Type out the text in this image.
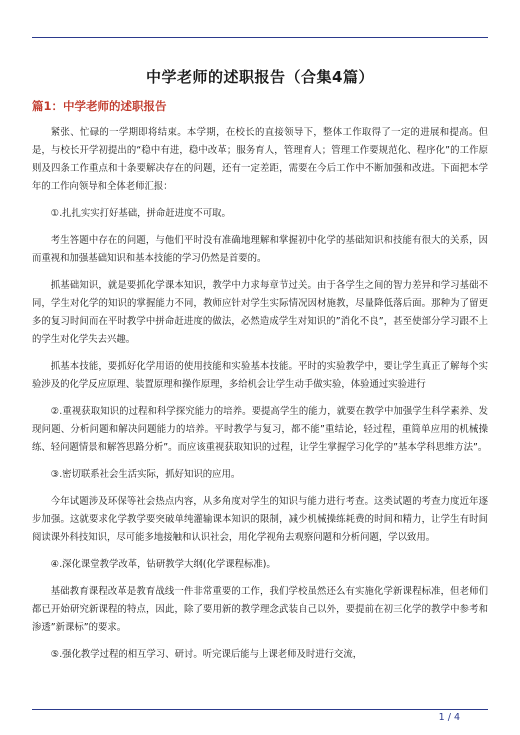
中学老师的述职报告（合集4篇）
篇1：中学老师的述职报告

紧张、忙碌的一学期即将结束。本学期，在校长的直接领导下，整体工作取得了一定的进展和提高。但是，与校长开学初提出的“稳中有进，稳中改革；服务育人，管理育人；管理工作要规范化、程序化”的工作原则及四条工作重点和十条要解决存在的问题，还有一定差距，需要在今后工作中不断加强和改进。下面把本学年的工作向领导和全体老师汇报：

①.扎扎实实打好基础，拼命赶进度不可取。

考生答题中存在的问题，与他们平时没有准确地理解和掌握初中化学的基础知识和技能有很大的关系，因而重视和加强基础知识和基本技能的学习仍然是首要的。

抓基础知识，就是要抓化学课本知识，教学中力求每章节过关。由于各学生之间的智力差异和学习基础不同，学生对化学的知识的掌握能力不同，教师应针对学生实际情况因材施教，尽量降低落后面。那种为了留更多的复习时间而在平时教学中拼命赶进度的做法，必然造成学生对知识的”消化不良”，甚至使部分学习跟不上的学生对化学失去兴趣。

抓基本技能，要抓好化学用语的使用技能和实验基本技能。平时的实验教学中，要让学生真正了解每个实验涉及的化学反应原理、装置原理和操作原理，多给机会让学生动手做实验，体验通过实验进行

②.重视获取知识的过程和科学探究能力的培养。要提高学生的能力，就要在教学中加强学生科学素养、发现问题、分析问题和解决问题能力的培养。平时教学与复习，都不能”重结论，轻过程，重简单应用的机械操练、轻问题情景和解答思路分析”。而应该重视获取知识的过程，让学生掌握学习化学的”基本学科思维方法”。

③.密切联系社会生活实际，抓好知识的应用。

今年试题涉及环保等社会热点内容，从多角度对学生的知识与能力进行考查。这类试题的考查力度近年逐步加强。这就要求化学教学要突破单纯灌输课本知识的限制，减少机械操练耗费的时间和精力，让学生有时间阅读课外科技知识，尽可能多地接触和认识社会，用化学视角去观察问题和分析问题，学以致用。

④.深化课堂教学改革，钻研教学大纲(化学课程标准)。

基础教育课程改革是教育战线一件非常重要的工作，我们学校虽然还么有实施化学新课程标准，但老师们都已开始研究新课程的特点，因此，除了要用新的教学理念武装自己以外，要提前在初三化学的教学中参考和渗透”新课标”的要求。

⑤.强化教学过程的相互学习、研讨。听完课后能与上课老师及时进行交流，

1 / 4
